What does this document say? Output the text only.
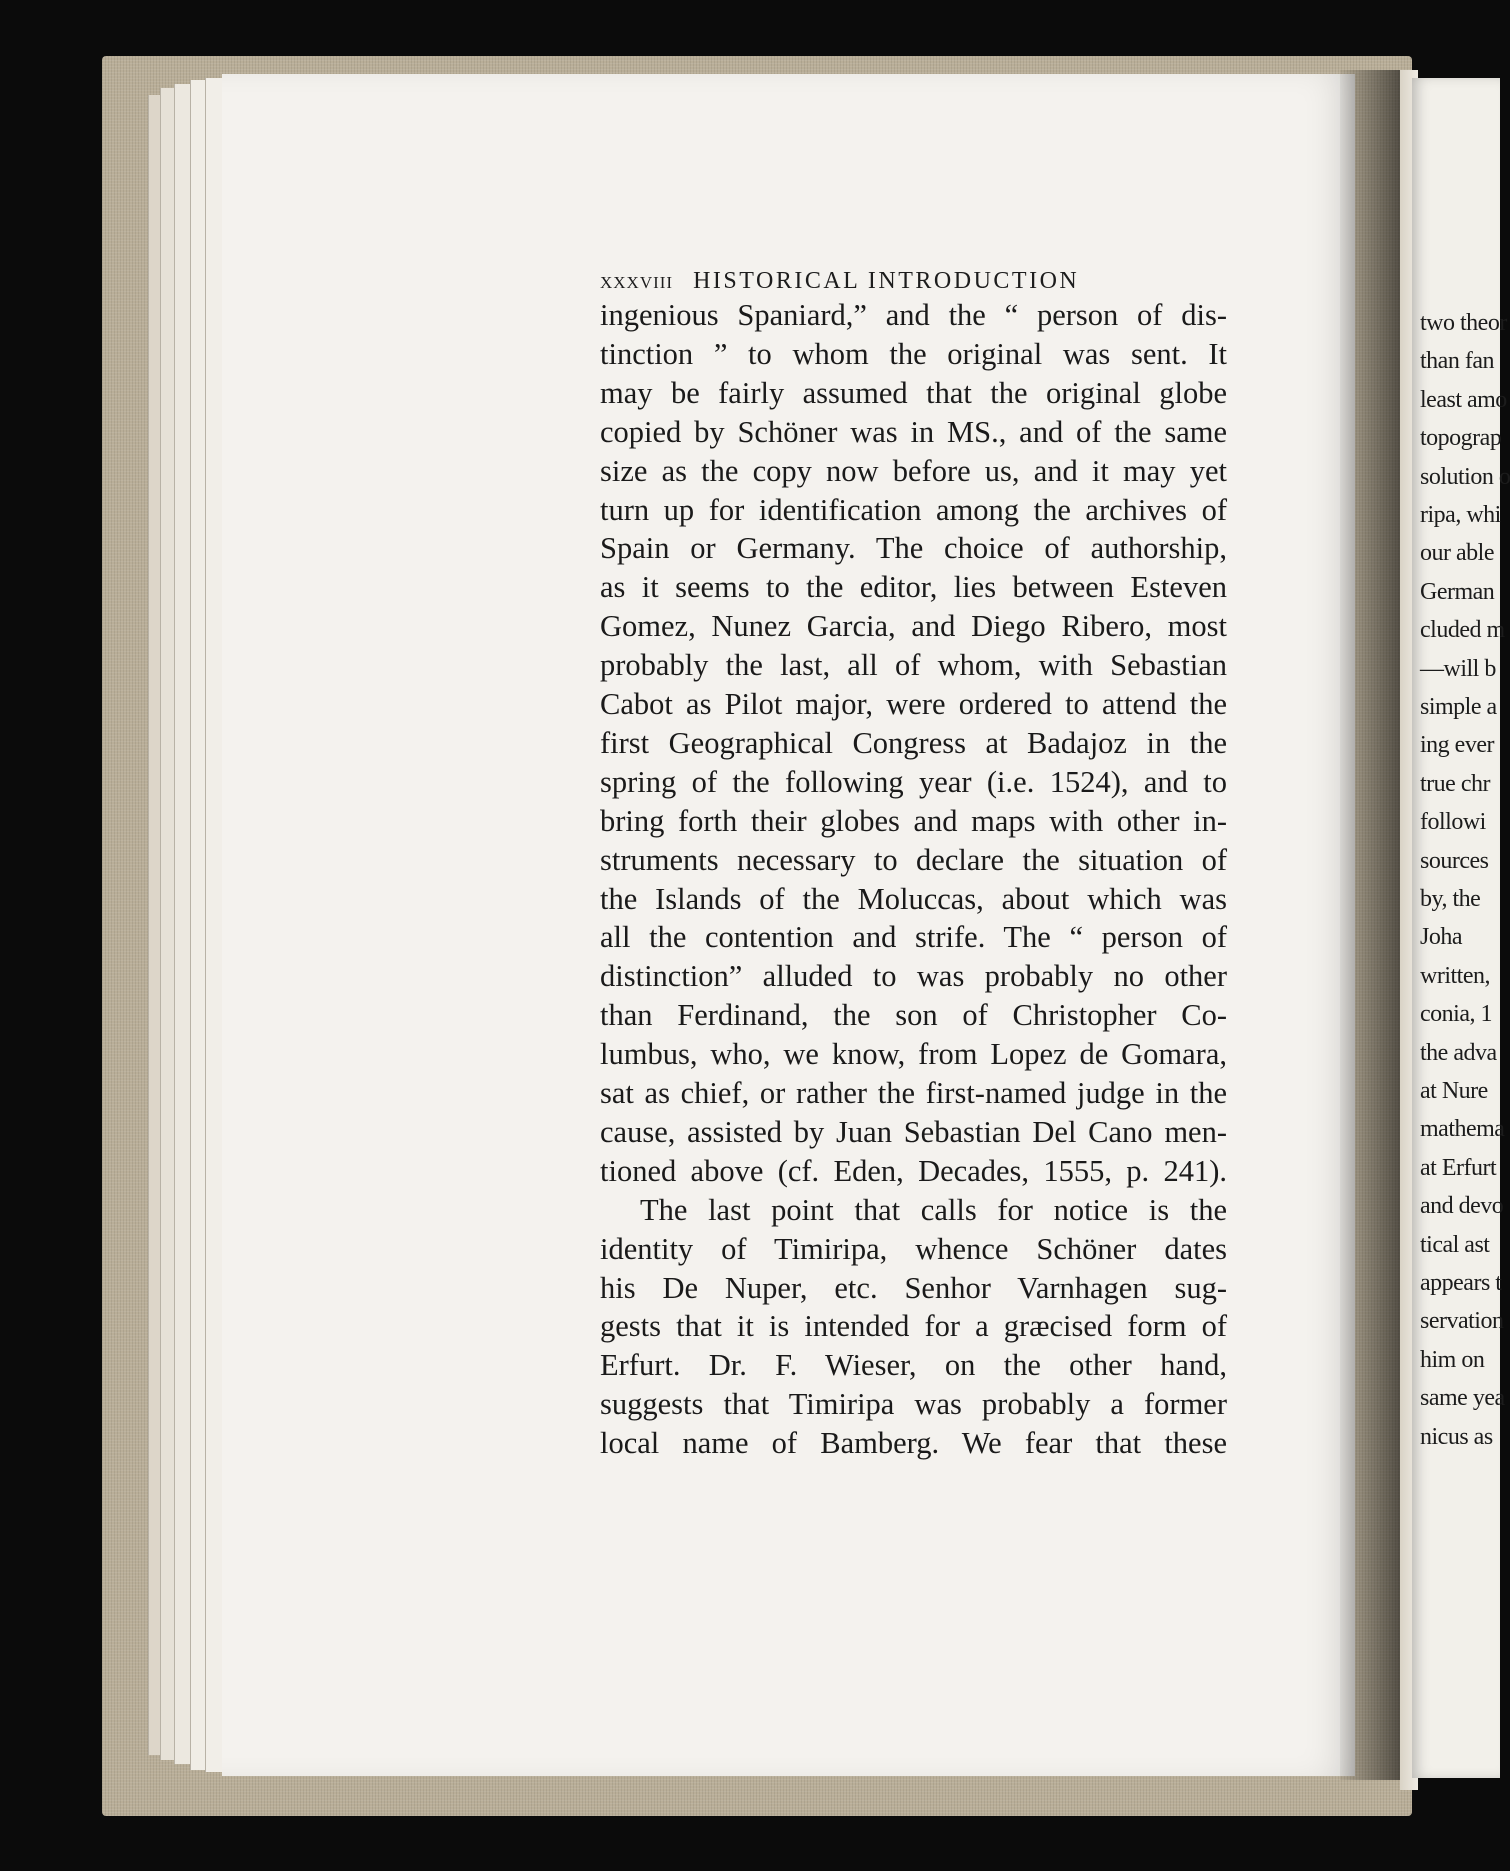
two theor
than fan
least amo
topograp
solution o
ripa, whi
our able
German
cluded m
—will b
simple a
ing ever
true chr
followi
sources
by, the
Joha
written,
conia, 1
the adva
at Nure
mathema
at Erfurt
and devo
tical ast
appears t
servation
him on
same yea
nicus as
xxxviii HISTORICAL INTRODUCTION
ingenious Spaniard,” and the “ person of dis-
tinction ” to whom the original was sent. It
may be fairly assumed that the original globe
copied by Schöner was in MS., and of the same
size as the copy now before us, and it may yet
turn up for identification among the archives of
Spain or Germany. The choice of authorship,
as it seems to the editor, lies between Esteven
Gomez, Nunez Garcia, and Diego Ribero, most
probably the last, all of whom, with Sebastian
Cabot as Pilot major, were ordered to attend the
first Geographical Congress at Badajoz in the
spring of the following year (i.e. 1524), and to
bring forth their globes and maps with other in-
struments necessary to declare the situation of
the Islands of the Moluccas, about which was
all the contention and strife. The “ person of
distinction” alluded to was probably no other
than Ferdinand, the son of Christopher Co-
lumbus, who, we know, from Lopez de Gomara,
sat as chief, or rather the first-named judge in the
cause, assisted by Juan Sebastian Del Cano men-
tioned above (cf. Eden, Decades, 1555, p. 241).
The last point that calls for notice is the
identity of Timiripa, whence Schöner dates
his De Nuper, etc. Senhor Varnhagen sug-
gests that it is intended for a græcised form of
Erfurt. Dr. F. Wieser, on the other hand,
suggests that Timiripa was probably a former
local name of Bamberg. We fear that these
